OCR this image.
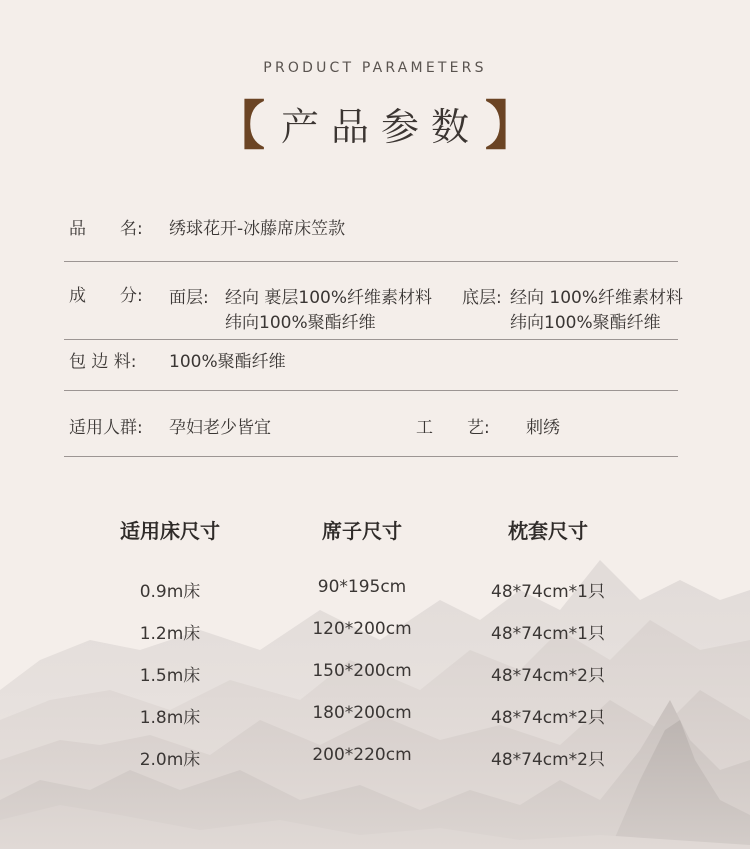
PRODUCT PARAMETERS
【 产品参数 】
品　　名: 绣球花开-冰藤席床笠款
成　　分: 面层: 经向 裹层100%纤维素材料
纬向100%聚酯纤维
底层: 经向 100%纤维素材料
纬向100%聚酯纤维
包 边 料: 100%聚酯纤维
适用人群: 孕妇老少皆宜	工　　艺: 刺绣
适用床尺寸	席子尺寸	枕套尺寸
0.9m床	90*195cm	48*74cm*1只
1.2m床	120*200cm	48*74cm*1只
1.5m床	150*200cm	48*74cm*2只
1.8m床	180*200cm	48*74cm*2只
2.0m床	200*220cm	48*74cm*2只
